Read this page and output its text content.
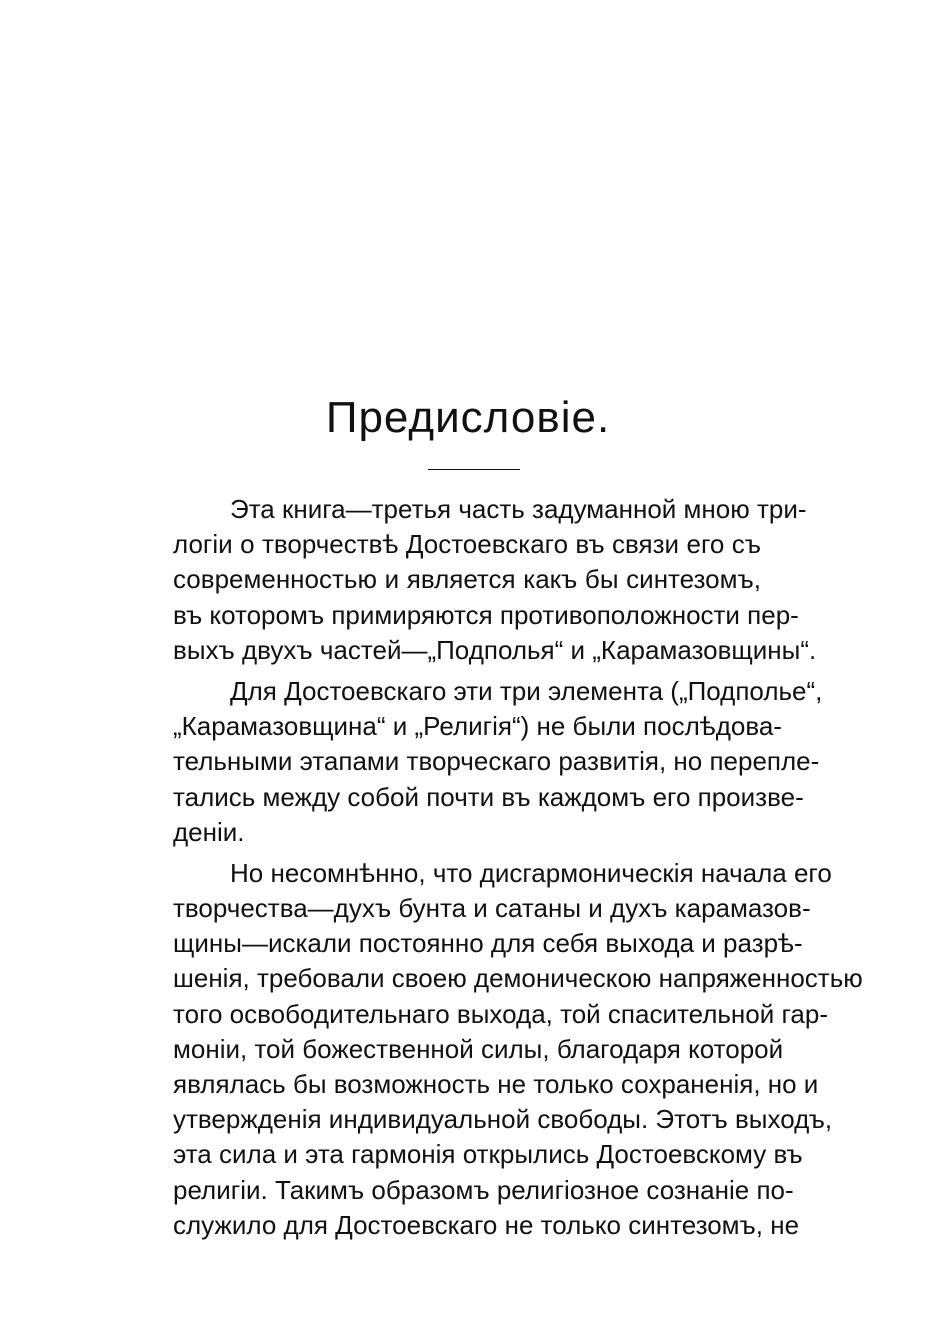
Предисловіе.
Эта книга—третья часть задуманной мною три-
логіи о творчествѣ Достоевскаго въ связи его съ
современностью и является какъ бы синтезомъ,
въ которомъ примиряются противоположности пер-
выхъ двухъ частей—„Подполья“ и „Карамазовщины“.
Для Достоевскаго эти три элемента („Подполье“,
„Карамазовщина“ и „Религія“) не были послѣдова-
тельными этапами творческаго развитія, но перепле-
тались между собой почти въ каждомъ его произве-
деніи.
Но несомнѣнно, что дисгармоническія начала его
творчества—духъ бунта и сатаны и духъ карамазов-
щины—искали постоянно для себя выхода и разрѣ-
шенія, требовали своею демоническою напряженностью
того освободительнаго выхода, той спасительной гар-
моніи, той божественной силы, благодаря которой
являлась бы возможность не только сохраненія, но и
утвержденія индивидуальной свободы. Этотъ выходъ,
эта сила и эта гармонія открылись Достоевскому въ
религіи. Такимъ образомъ религіозное сознаніе по-
служило для Достоевскаго не только синтезомъ, не
